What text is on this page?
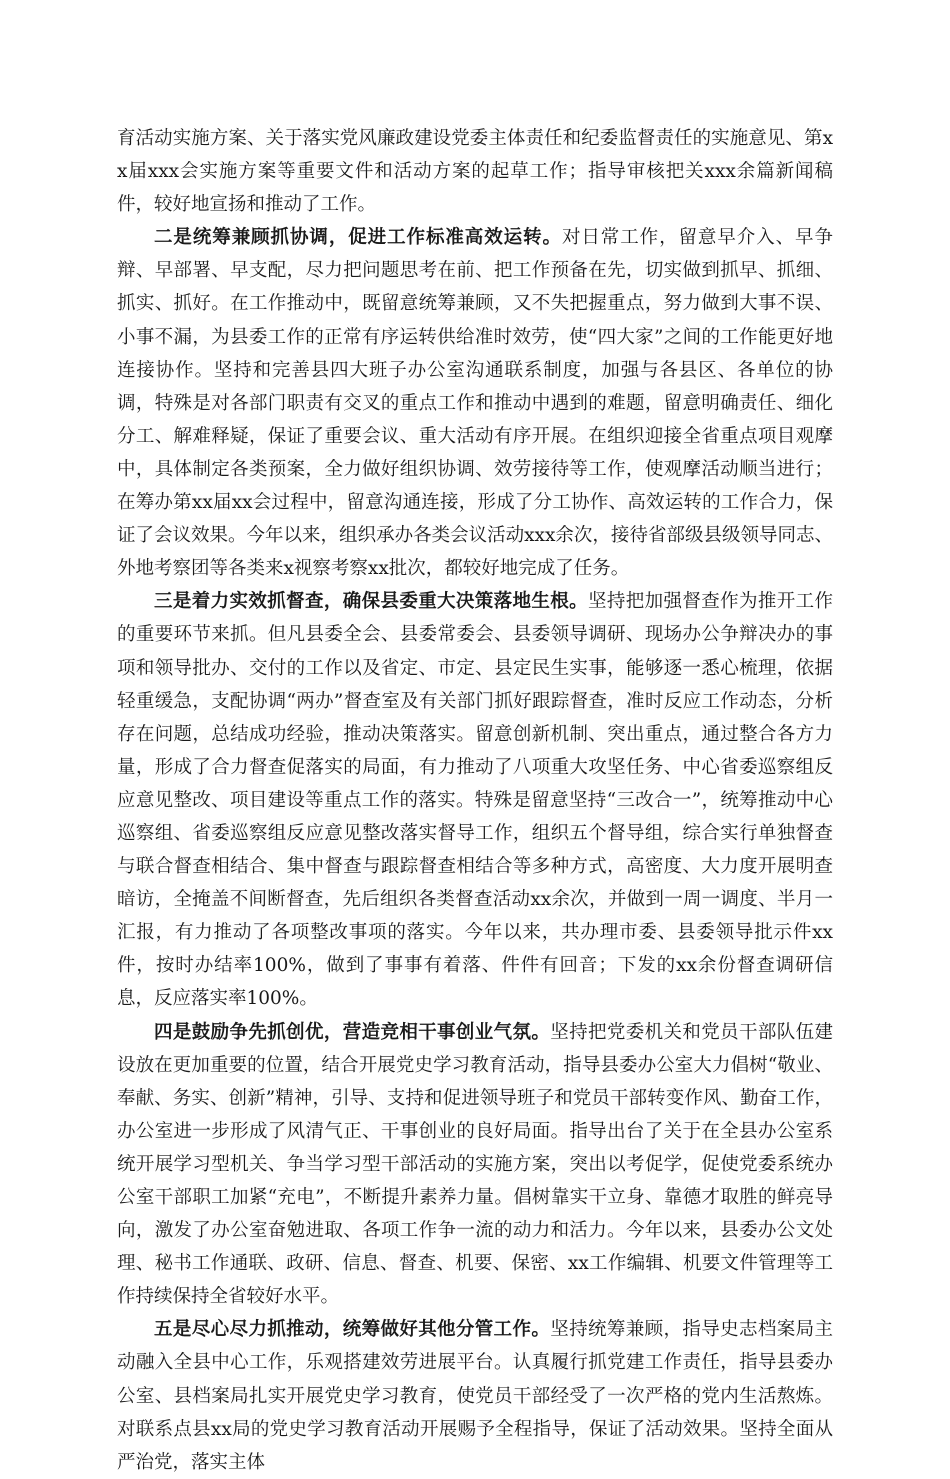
育活动实施方案、关于落实党风廉政建设党委主体责任和纪委监督责任的实施意见、第xx届xxx会实施方案等重要文件和活动方案的起草工作；指导审核把关xxx余篇新闻稿件，较好地宣扬和推动了工作。

二是统筹兼顾抓协调，促进工作标准高效运转。对日常工作，留意早介入、早争辩、早部署、早支配，尽力把问题思考在前、把工作预备在先，切实做到抓早、抓细、抓实、抓好。在工作推动中，既留意统筹兼顾，又不失把握重点，努力做到大事不误、小事不漏，为县委工作的正常有序运转供给准时效劳，使“四大家”之间的工作能更好地连接协作。坚持和完善县四大班子办公室沟通联系制度，加强与各县区、各单位的协调，特殊是对各部门职责有交叉的重点工作和推动中遇到的难题，留意明确责任、细化分工、解难释疑，保证了重要会议、重大活动有序开展。在组织迎接全省重点项目观摩中，具体制定各类预案，全力做好组织协调、效劳接待等工作，使观摩活动顺当进行；在筹办第xx届xx会过程中，留意沟通连接，形成了分工协作、高效运转的工作合力，保证了会议效果。今年以来，组织承办各类会议活动xxx余次，接待省部级县级领导同志、外地考察团等各类来x视察考察xx批次，都较好地完成了任务。

三是着力实效抓督查，确保县委重大决策落地生根。坚持把加强督查作为推开工作的重要环节来抓。但凡县委全会、县委常委会、县委领导调研、现场办公争辩决办的事项和领导批办、交付的工作以及省定、市定、县定民生实事，能够逐一悉心梳理，依据轻重缓急，支配协调“两办”督查室及有关部门抓好跟踪督查，准时反应工作动态，分析存在问题，总结成功经验，推动决策落实。留意创新机制、突出重点，通过整合各方力量，形成了合力督查促落实的局面，有力推动了八项重大攻坚任务、中心省委巡察组反应意见整改、项目建设等重点工作的落实。特殊是留意坚持“三改合一”，统筹推动中心巡察组、省委巡察组反应意见整改落实督导工作，组织五个督导组，综合实行单独督查与联合督查相结合、集中督查与跟踪督查相结合等多种方式，高密度、大力度开展明查暗访，全掩盖不间断督查，先后组织各类督查活动xx余次，并做到一周一调度、半月一汇报，有力推动了各项整改事项的落实。今年以来，共办理市委、县委领导批示件xx件，按时办结率100%，做到了事事有着落、件件有回音；下发的xx余份督查调研信息，反应落实率100%。

四是鼓励争先抓创优，营造竞相干事创业气氛。坚持把党委机关和党员干部队伍建设放在更加重要的位置，结合开展党史学习教育活动，指导县委办公室大力倡树“敬业、奉献、务实、创新”精神，引导、支持和促进领导班子和党员干部转变作风、勤奋工作，办公室进一步形成了风清气正、干事创业的良好局面。指导出台了关于在全县办公室系统开展学习型机关、争当学习型干部活动的实施方案，突出以考促学，促使党委系统办公室干部职工加紧“充电”，不断提升素养力量。倡树靠实干立身、靠德才取胜的鲜亮导向，激发了办公室奋勉进取、各项工作争一流的动力和活力。今年以来，县委办公文处理、秘书工作通联、政研、信息、督查、机要、保密、xx工作编辑、机要文件管理等工作持续保持全省较好水平。

五是尽心尽力抓推动，统筹做好其他分管工作。坚持统筹兼顾，指导史志档案局主动融入全县中心工作，乐观搭建效劳进展平台。认真履行抓党建工作责任，指导县委办公室、县档案局扎实开展党史学习教育，使党员干部经受了一次严格的党内生活熬炼。对联系点县xx局的党史学习教育活动开展赐予全程指导，保证了活动效果。坚持全面从严治党，落实主体
